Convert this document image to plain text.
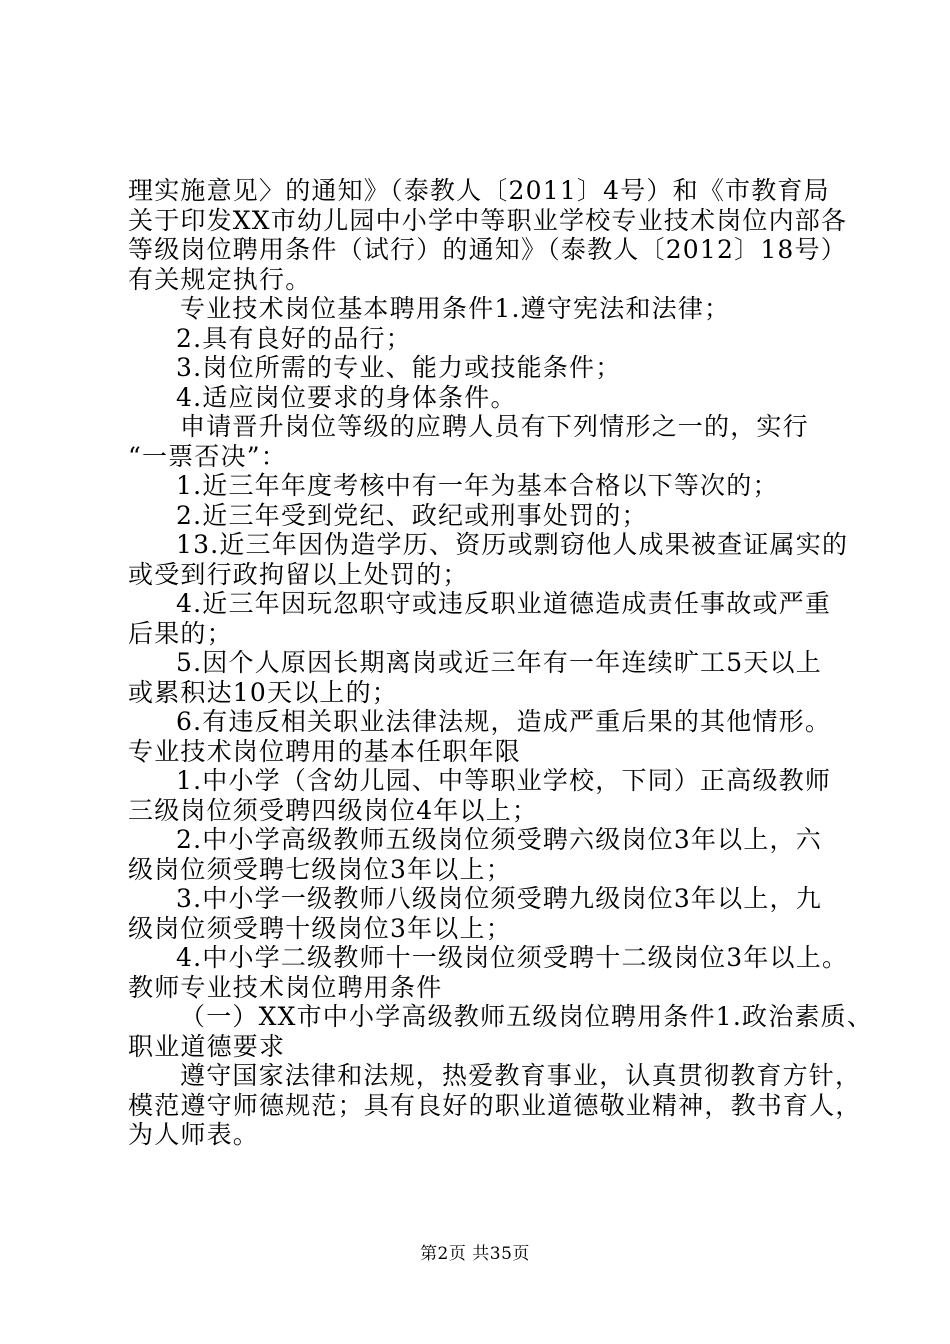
理实施意见〉的通知》（泰教人〔2011〕4号）和《市教育局
关于印发XX市幼儿园中小学中等职业学校专业技术岗位内部各
等级岗位聘用条件（试行）的通知》（泰教人〔2012〕18号）
有关规定执行。
专业技术岗位基本聘用条件1.遵守宪法和法律；
2.具有良好的品行；
3.岗位所需的专业、能力或技能条件；
4.适应岗位要求的身体条件。
申请晋升岗位等级的应聘人员有下列情形之一的，实行
“一票否决”：
1.近三年年度考核中有一年为基本合格以下等次的；
2.近三年受到党纪、政纪或刑事处罚的；
13.近三年因伪造学历、资历或剽窃他人成果被查证属实的
或受到行政拘留以上处罚的；
4.近三年因玩忽职守或违反职业道德造成责任事故或严重
后果的；
5.因个人原因长期离岗或近三年有一年连续旷工5天以上
或累积达10天以上的；
6.有违反相关职业法律法规，造成严重后果的其他情形。
专业技术岗位聘用的基本任职年限
1.中小学（含幼儿园、中等职业学校，下同）正高级教师
三级岗位须受聘四级岗位4年以上；
2.中小学高级教师五级岗位须受聘六级岗位3年以上，六
级岗位须受聘七级岗位3年以上；
3.中小学一级教师八级岗位须受聘九级岗位3年以上，九
级岗位须受聘十级岗位3年以上；
4.中小学二级教师十一级岗位须受聘十二级岗位3年以上。
教师专业技术岗位聘用条件
（一）XX市中小学高级教师五级岗位聘用条件1.政治素质、
职业道德要求
遵守国家法律和法规，热爱教育事业，认真贯彻教育方针，
模范遵守师德规范；具有良好的职业道德敬业精神，教书育人，
为人师表。
第2页 共35页
